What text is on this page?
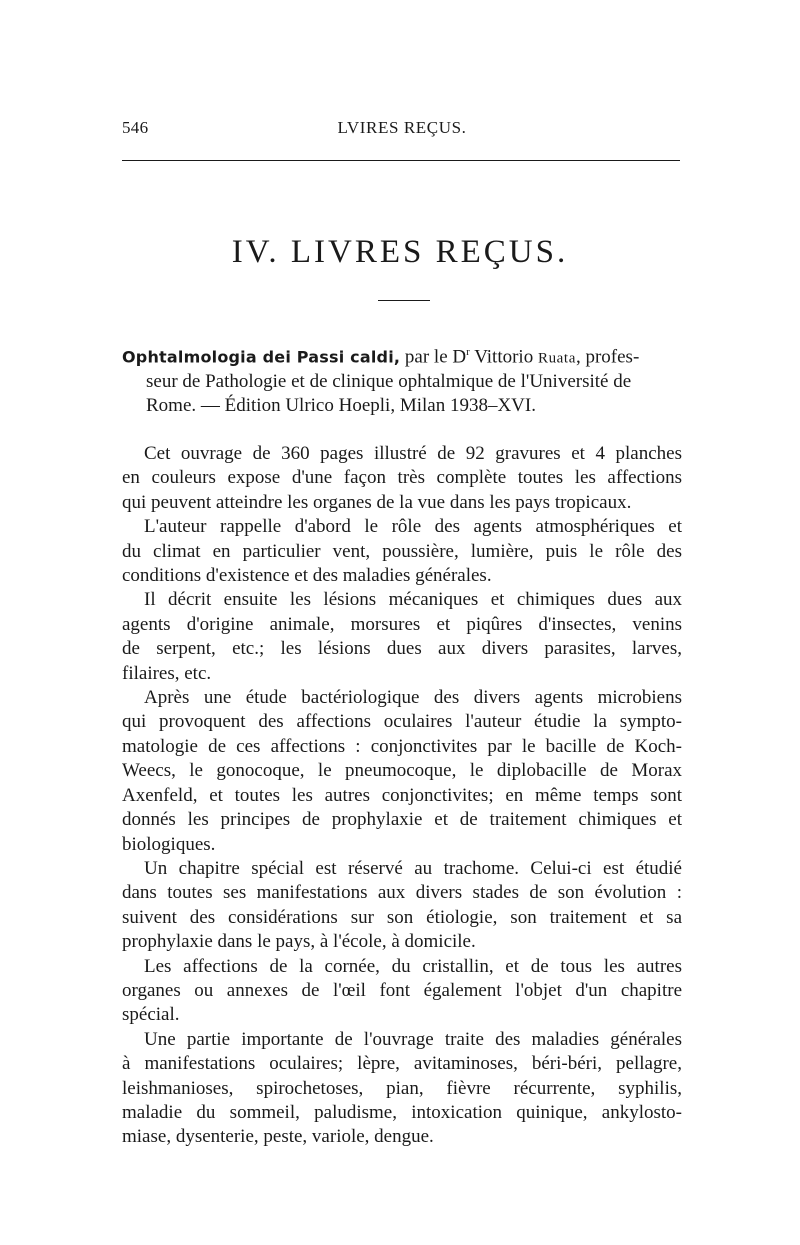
546	LVIRES REÇUS.
IV. LIVRES REÇUS.
Ophtalmologia dei Passi caldi, par le $D^r$ Vittorio Ruata, profes-
seur de Pathologie et de clinique ophtalmique de l'Université de
Rome. — Édition Ulrico Hoepli, Milan 1938–XVI.
Cet ouvrage de 360 pages illustré de 92 gravures et 4 planches
en couleurs expose d'une façon très complète toutes les affections
qui peuvent atteindre les organes de la vue dans les pays tropicaux.
L'auteur rappelle d'abord le rôle des agents atmosphériques et
du climat en particulier vent, poussière, lumière, puis le rôle des
conditions d'existence et des maladies générales.
Il décrit ensuite les lésions mécaniques et chimiques dues aux
agents d'origine animale, morsures et piqûres d'insectes, venins
de serpent, etc.; les lésions dues aux divers parasites, larves,
filaires, etc.
Après une étude bactériologique des divers agents microbiens
qui provoquent des affections oculaires l'auteur étudie la sympto-
matologie de ces affections : conjonctivites par le bacille de Koch-
Weecs, le gonocoque, le pneumocoque, le diplobacille de Morax
Axenfeld, et toutes les autres conjonctivites; en même temps sont
donnés les principes de prophylaxie et de traitement chimiques et
biologiques.
Un chapitre spécial est réservé au trachome. Celui-ci est étudié
dans toutes ses manifestations aux divers stades de son évolution :
suivent des considérations sur son étiologie, son traitement et sa
prophylaxie dans le pays, à l'école, à domicile.
Les affections de la cornée, du cristallin, et de tous les autres
organes ou annexes de l'œil font également l'objet d'un chapitre
spécial.
Une partie importante de l'ouvrage traite des maladies générales
à manifestations oculaires; lèpre, avitaminoses, béri-béri, pellagre,
leishmanioses, spirochetoses, pian, fièvre récurrente, syphilis,
maladie du sommeil, paludisme, intoxication quinique, ankylosto-
miase, dysenterie, peste, variole, dengue.
